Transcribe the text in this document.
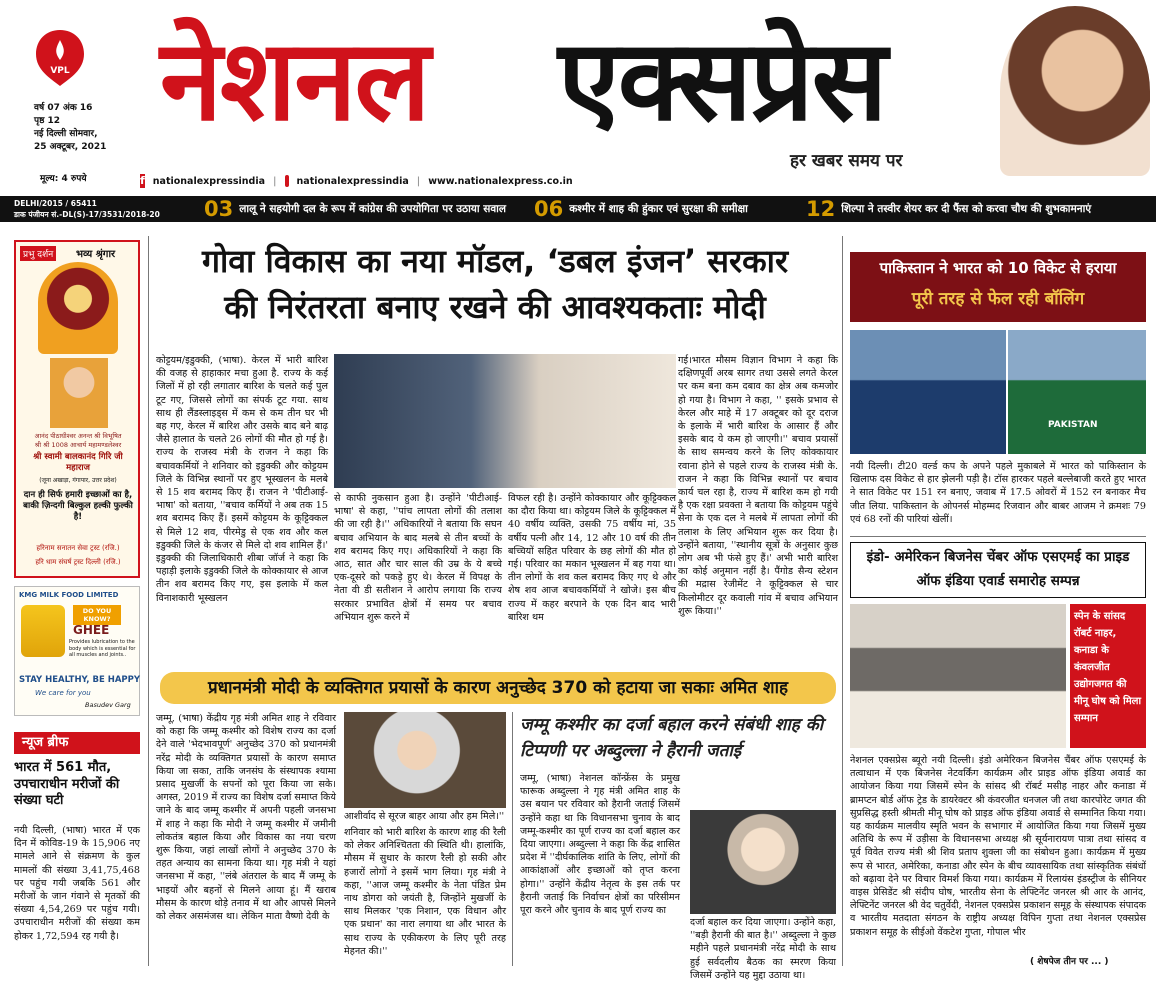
VPL नेशनल एक्सप्रेस
हर खबर समय पर
वर्ष 07 अंक 16
पृष्ठ 12
नई दिल्ली सोमवार,
25 अक्टूबर, 2021
मूल्य: 4 रुपये	f nationalexpressindia | nationalexpressindia | www.nationalexpress.co.in
DELHI/2015 / 65411
डाक पंजीयन सं.-DL(S)-17/3531/2018-20	03 लालू ने सहयोगी दल के रूप में कांग्रेस की उपयोगिता पर उठाया सवाल 06 कश्मीर में शाह की हुंकार एवं सुरक्षा की समीक्षा	12 शिल्पा ने तस्वीर शेयर कर दी फैंस को करवा चौथ की शुभकामनाएं
प्रभु दर्शन	भव्य श्रृंगार
आनंद पीठाधीश्वर अनन्त श्री विभूषित
श्री श्री 1008 आचार्य महामण्डलेश्वर
श्री स्वामी बालकानंद गिरि जी महाराज
(जूना अखाड़ा, गंगापार, उत्तर प्रदेश)
दान ही सिर्फ हमारी इच्छाओं का है, बाकी ज़िन्दगी बिल्कुल हल्की फुल्की है!
हरिनाम सनातन सेवा ट्रस्ट (रजि.)
हरि धाम संघर्ष ट्रस्ट दिल्ली (रजि.)
KMG MILK FOOD LIMITED
DO YOU KNOW?
GHEE
Provides lubrication to the body which is essential for all muscles and joints..
STAY HEALTHY, BE HAPPY
We care for you
Basudev Garg
न्यूज ब्रीफ
भारत में 561 मौत, उपचाराधीन मरीजों की संख्या घटी
नयी दिल्ली, (भाषा) भारत में एक दिन में कोविड-19 के 15,906 नए मामले आने से संक्रमण के कुल मामलों की संख्या 3,41,75,468 पर पहुंच गयी जबकि 561 और मरीजों के जान गंवाने से मृतकों की संख्या 4,54,269 पर पहुंच गयी। उपचाराधीन मरीजों की संख्या कम होकर 1,72,594 रह गयी है।
गोवा विकास का नया मॉडल, ‘डबल इंजन’ सरकार
की निरंतरता बनाए रखने की आवश्यकताः मोदी
कोट्टयम/इडुक्की, (भाषा). केरल में भारी बारिश की वजह से हाहाकार मचा हुआ है. राज्य के कई जिलों में हो रही लगातार बारिश के चलते कई पुल टूट गए, जिससे लोगों का संपर्क टूट गया. साथ साथ ही लैंडस्लाइड्स में कम से कम तीन घर भी बह गए, केरल में बारिश और उसके बाद बने बाढ़ जैसे हालात के चलते 26 लोगों की मौत हो गई है। राज्य के राजस्व मंत्री के राजन ने कहा कि बचावकर्मियों ने शनिवार को इडुक्की और कोट्टयम जिले के विभिन्न स्थानों पर हुए भूस्खलन के मलबे से 15 शव बरामद किए हैं। राजन ने 'पीटीआई-भाषा' को बताया, ''बचाव कर्मियों ने अब तक 15 शव बरामद किए हैं। इसमें कोट्टयम के कूट्टिक्कल से मिले 12 शव, पीरमेडु से एक शव और कल इडुक्की जिले के कंजर से मिले दो शव शामिल हैं।' इडुक्की की जिलाधिकारी शीबा जॉर्ज ने कहा कि पहाड़ी इलाके इडुक्की जिले के कोक्कायार से आज तीन शव बरामद किए गए, इस इलाके में कल विनाशकारी भूस्खलन
से काफी नुकसान हुआ है। उन्होंने 'पीटीआई-भाषा' से कहा, ''पांच लापता लोगों की तलाश की जा रही है।'' अधिकारियों ने बताया कि सघन बचाव अभियान के बाद मलबे से तीन बच्चों के शव बरामद किए गए। अधिकारियों ने कहा कि आठ, सात और चार साल की उम्र के ये बच्चे एक-दूसरे को पकड़े हुए थे। केरल में विपक्ष के नेता वी डी सतीशन ने आरोप लगाया कि राज्य सरकार प्रभावित क्षेत्रों में समय पर बचाव अभियान शुरू करने में
विफल रही है। उन्होंने कोक्कायार और कूट्टिक्कल का दौरा किया था। कोट्टयम जिले के कूट्टिक्कल में 40 वर्षीय व्यक्ति, उसकी 75 वर्षीय मां, 35 वर्षीय पत्नी और 14, 12 और 10 वर्ष की तीन बच्चियों सहित परिवार के छह लोगों की मौत हो गई। परिवार का मकान भूस्खलन में बह गया था। तीन लोगों के शव कल बरामद किए गए थे और शेष शव आज बचावकर्मियों ने खोजे। इस बीच राज्य में कहर बरपाने के एक दिन बाद भारी बारिश थम
गई।भारत मौसम विज्ञान विभाग ने कहा कि दक्षिणपूर्वी अरब सागर तथा उससे लगते केरल पर कम बना कम दबाव का क्षेत्र अब कमजोर हो गया है। विभाग ने कहा, '' इसके प्रभाव से केरल और माहे में 17 अक्टूबर को दूर दराज के इलाके में भारी बारिश के आसार हैं और इसके बाद ये कम हो जाएगी।'' बचाव प्रयासों के साथ समन्वय करने के लिए कोक्कायार रवाना होने से पहले राज्य के राजस्व मंत्री के. राजन ने कहा कि विभिन्न स्थानों पर बचाव कार्य चल रहा है, राज्य में बारिश कम हो गयी है एक रक्षा प्रवक्ता ने बताया कि कोट्टयम पहुंचे सेना के एक दल ने मलबे में लापता लोगों की तलाश के लिए अभियान शुरू कर दिया है। उन्होंने बताया, ''स्थानीय सूत्रों के अनुसार कुछ लोग अब भी फंसे हुए हैं।' अभी भारी बारिश का कोई अनुमान नहीं है। पैंगोड सैन्य स्टेशन की मद्रास रेजीमेंट ने कूट्टिक्कल से चार किलोमीटर दूर कवाली गांव में बचाव अभियान शुरू किया।''
प्रधानमंत्री मोदी के व्यक्तिगत प्रयासों के कारण अनुच्छेद 370 को हटाया जा सकाः अमित शाह
जम्मू, (भाषा) केंद्रीय गृह मंत्री अमित शाह ने रविवार को कहा कि जम्मू कश्मीर को विशेष राज्य का दर्जा देने वाले 'भेदभावपूर्ण' अनुच्छेद 370 को प्रधानमंत्री नरेंद्र मोदी के व्यक्तिगत प्रयासों के कारण समाप्त किया जा सका, ताकि जनसंघ के संस्थापक श्यामा प्रसाद मुखर्जी के सपनों को पूरा किया जा सके। अगस्त, 2019 में राज्य का विशेष दर्जा समाप्त किये जाने के बाद जम्मू कश्मीर में अपनी पहली जनसभा में शाह ने कहा कि मोदी ने जम्मू कश्मीर में जमीनी लोकतंत्र बहाल किया और विकास का नया चरण शुरू किया, जहां लाखों लोगों ने अनुच्छेद 370 के तहत अन्याय का सामना किया था। गृह मंत्री ने यहां जनसभा में कहा, ''लंबे अंतराल के बाद मैं जम्मू के भाइयों और बहनों से मिलने आया हूं। मैं खराब मौसम के कारण थोड़े तनाव में था और आपसे मिलने को लेकर असमंजस था। लेकिन माता वैष्णो देवी के
आशीर्वाद से सूरज बाहर आया और हम मिले।''
शनिवार को भारी बारिश के कारण शाह की रैली को लेकर अनिश्चितता की स्थिति थी। हालांकि, मौसम में सुधार के कारण रैली हो सकी और हजारों लोगों ने इसमें भाग लिया। गृह मंत्री ने कहा, ''आज जम्मू कश्मीर के नेता पंडित प्रेम नाथ डोगरा को जयंती है, जिन्होंने मुखर्जी के साथ मिलकर 'एक निशान, एक विधान और एक प्रधान' का नारा लगाया था और भारत के साथ राज्य के एकीकरण के लिए पूरी तरह मेहनत की।''
जम्मू कश्मीर का दर्जा बहाल करने संबंधी शाह की टिप्पणी पर अब्दुल्ला ने हैरानी जताई
जम्मू, (भाषा) नेशनल कॉन्फ्रेंस के प्रमुख फारूक अब्दुल्ला ने गृह मंत्री अमित शाह के उस बयान पर रविवार को हैरानी जताई जिसमें उन्होंने कहा था कि विधानसभा चुनाव के बाद जम्मू-कश्मीर का पूर्ण राज्य का दर्जा बहाल कर दिया जाएगा। अब्दुल्ला ने कहा कि केंद्र शासित प्रदेश में ''दीर्घकालिक शांति के लिए, लोगों की आकांक्षाओं और इच्छाओं को तृप्त करना होगा।'' उन्होंने केंद्रीय नेतृत्व के इस तर्क पर हैरानी जताई कि निर्वाचन क्षेत्रों का परिसीमन पूरा करने और चुनाव के बाद पूर्ण राज्य का
दर्जा बहाल कर दिया जाएगा। उन्होंने कहा, ''बड़ी हैरानी की बात है।'' अब्दुल्ला ने कुछ महीने पहले प्रधानमंत्री नरेंद्र मोदी के साथ हुई सर्वदलीय बैठक का स्मरण किया जिसमें उन्होंने यह मुद्दा उठाया था।
पाकिस्तान ने भारत को 10 विकेट से हराया
पूरी तरह से फेल रही बॉलिंग
PAKISTAN
नयी दिल्ली। टी20 वर्ल्ड कप के अपने पहले मुकाबले में भारत को पाकिस्तान के खिलाफ दस विकेट से हार झेलनी पड़ी है। टॉस हारकर पहले बल्लेबाजी करते हुए भारत ने सात विकेट पर 151 रन बनाए, जवाब में 17.5 ओवरों में 152 रन बनाकर मैच जीत लिया. पाकिस्तान के ओपनर्स मोहम्मद रिजवान और बाबर आजम ने क्रमशः 79 एवं 68 रनों की पारियां खेलीं।
इंडो- अमेरिकन बिजनेस चेंबर ऑफ एसएमई का प्राइड ऑफ इंडिया एवार्ड समारोह सम्पन्न
स्पेन के सांसद रॉबर्ट नाहर, कनाडा के कंवलजीत उद्योगजगत की मीनू घोष को मिला सम्मान
नेशनल एक्सप्रेस ब्यूरो नयी दिल्ली। इंडो अमेरिकन बिजनेस चैंबर ऑफ एसएमई के तत्वाधान में एक बिजनेस नेटवर्किंग कार्यक्रम और प्राइड ऑफ इंडिया अवार्ड का आयोजन किया गया जिसमें स्पेन के सांसद श्री रॉबर्ट मसीह नाहर और कनाडा में ब्रामप्टन बोर्ड ऑफ ट्रेड के डायरेक्टर श्री कंवरजीत धनजल जी तथा कारपोरेट जगत की सुप्रसिद्ध हस्ती श्रीमती मीनू घोष को प्राइड ऑफ इंडिया अवार्ड से सम्मानित किया गया। यह कार्यक्रम मालवीय स्मृति भवन के सभागार में आयोजित किया गया जिसमें मुख्य अतिथि के रूप में उड़ीसा के विधानसभा अध्यक्ष श्री सूर्यनारायण पात्रा तथा सांसद व पूर्व विवेत राज्य मंत्री श्री शिव प्रताप शुक्ला जी का संबोधन हुआ। कार्यक्रम में मुख्य रूप से भारत, अमेरिका, कनाडा और स्पेन के बीच व्यावसायिक तथा सांस्कृतिक संबंधों को बढ़ावा देने पर विचार विमर्श किया गया। कार्यक्रम में रिलायंस इंडस्ट्रीज के सीनियर वाइस प्रेसिडेंट श्री संदीप घोष, भारतीय सेना के लेफ्टिनेंट जनरल श्री आर के आनंद, लेफ्टिनेंट जनरल श्री वेद चतुर्वेदी, नेशनल एक्सप्रेस प्रकाशन समूह के संस्थापक संपादक व भारतीय मतदाता संगठन के राष्ट्रीय अध्यक्ष विपिन गुप्ता तथा नेशनल एक्सप्रेस प्रकाशन समूह के सीईओ वेंकटेश गुप्ता, गोपाल भीर
( शेषपेज तीन पर ... )
